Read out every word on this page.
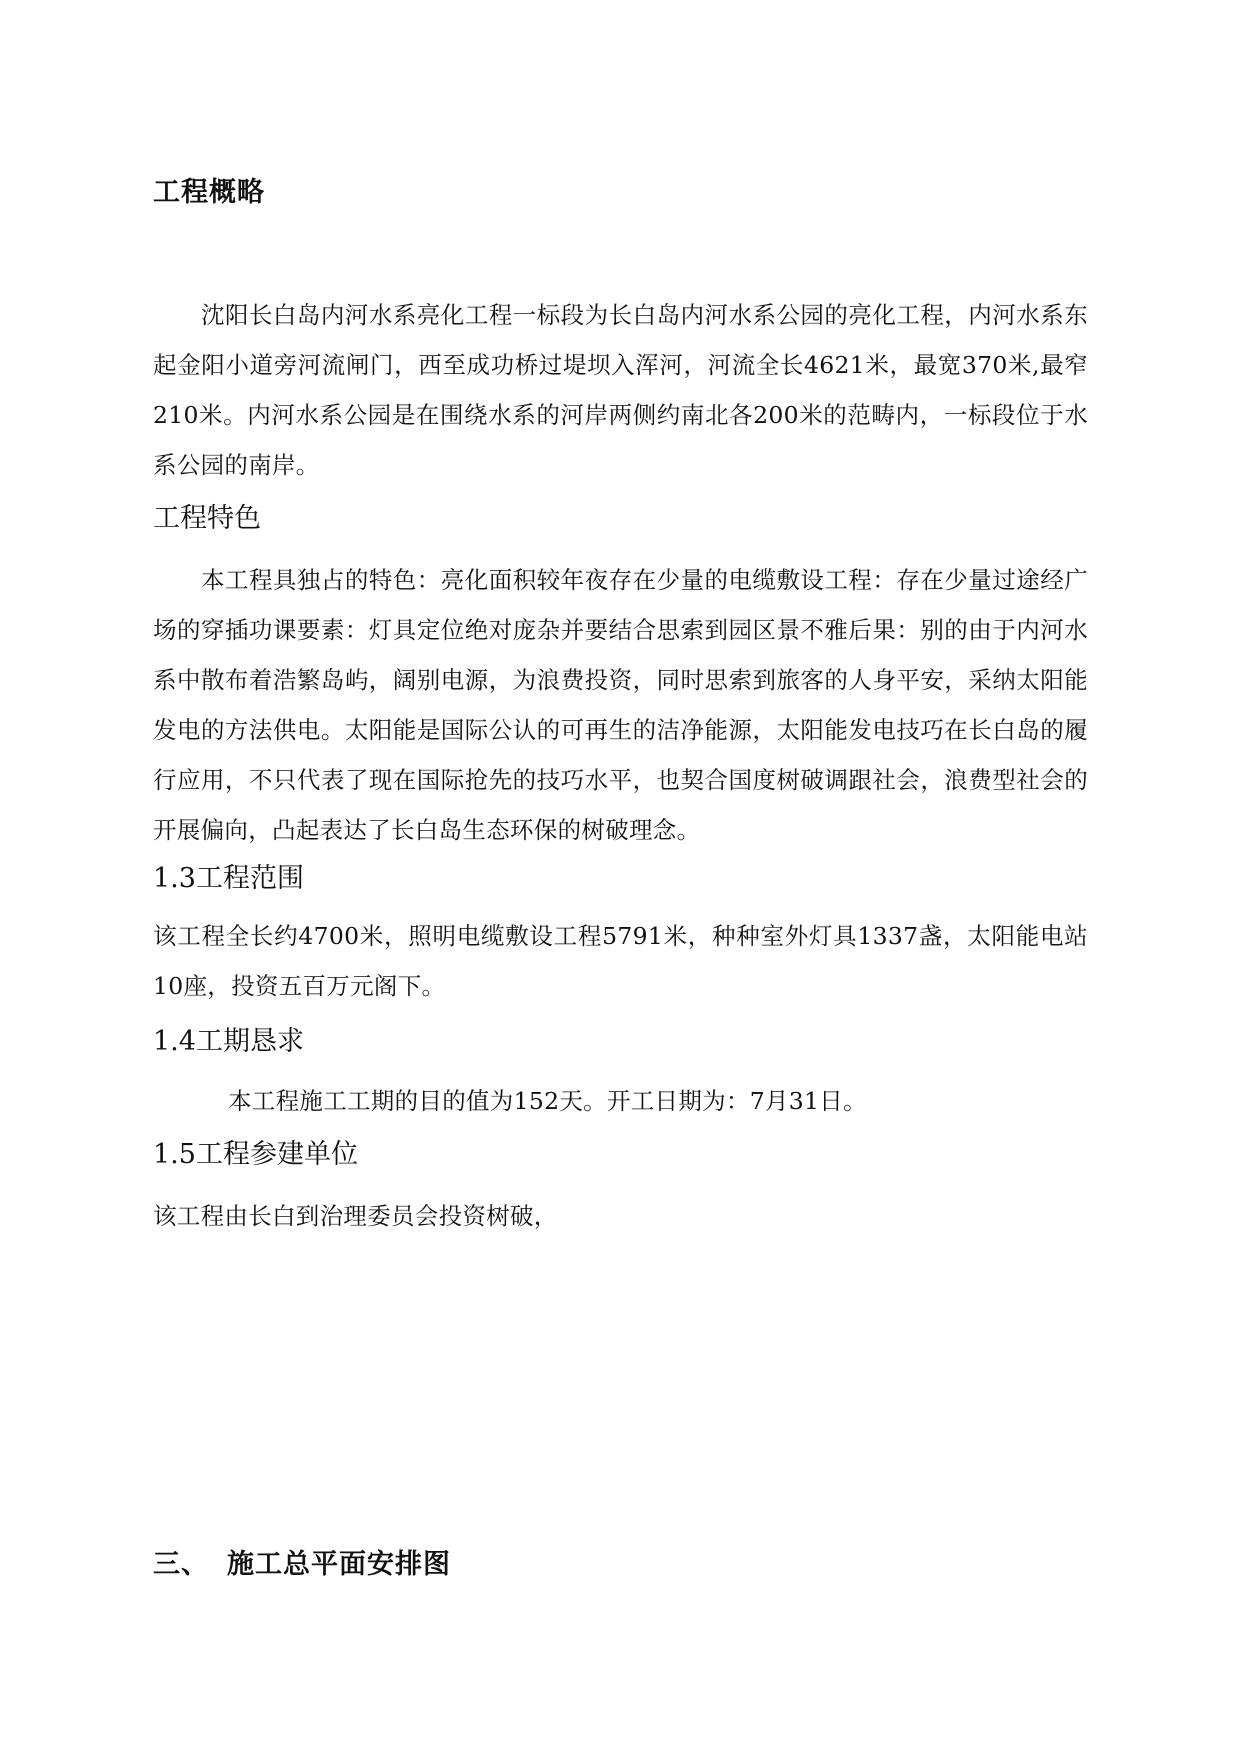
工程概略

沈阳长白岛内河水系亮化工程一标段为长白岛内河水系公园的亮化工程，内河水系东起金阳小道旁河流闸门，西至成功桥过堤坝入浑河，河流全长4621米，最宽370米,最窄210米。内河水系公园是在围绕水系的河岸两侧约南北各200米的范畴内，一标段位于水系公园的南岸。

工程特色

本工程具独占的特色：亮化面积较年夜存在少量的电缆敷设工程：存在少量过途经广场的穿插功课要素：灯具定位绝对庞杂并要结合思索到园区景不雅后果：别的由于内河水系中散布着浩繁岛屿，阔别电源，为浪费投资，同时思索到旅客的人身平安，采纳太阳能发电的方法供电。太阳能是国际公认的可再生的洁净能源，太阳能发电技巧在长白岛的履行应用，不只代表了现在国际抢先的技巧水平，也契合国度树破调跟社会，浪费型社会的开展偏向，凸起表达了长白岛生态环保的树破理念。

1.3工程范围

该工程全长约4700米，照明电缆敷设工程5791米，种种室外灯具1337盏，太阳能电站10座，投资五百万元阁下。

1.4工期恳求

本工程施工工期的目的值为152天。开工日期为：7月31日。

1.5工程参建单位

该工程由长白到治理委员会投资树破，

三、 施工总平面安排图
